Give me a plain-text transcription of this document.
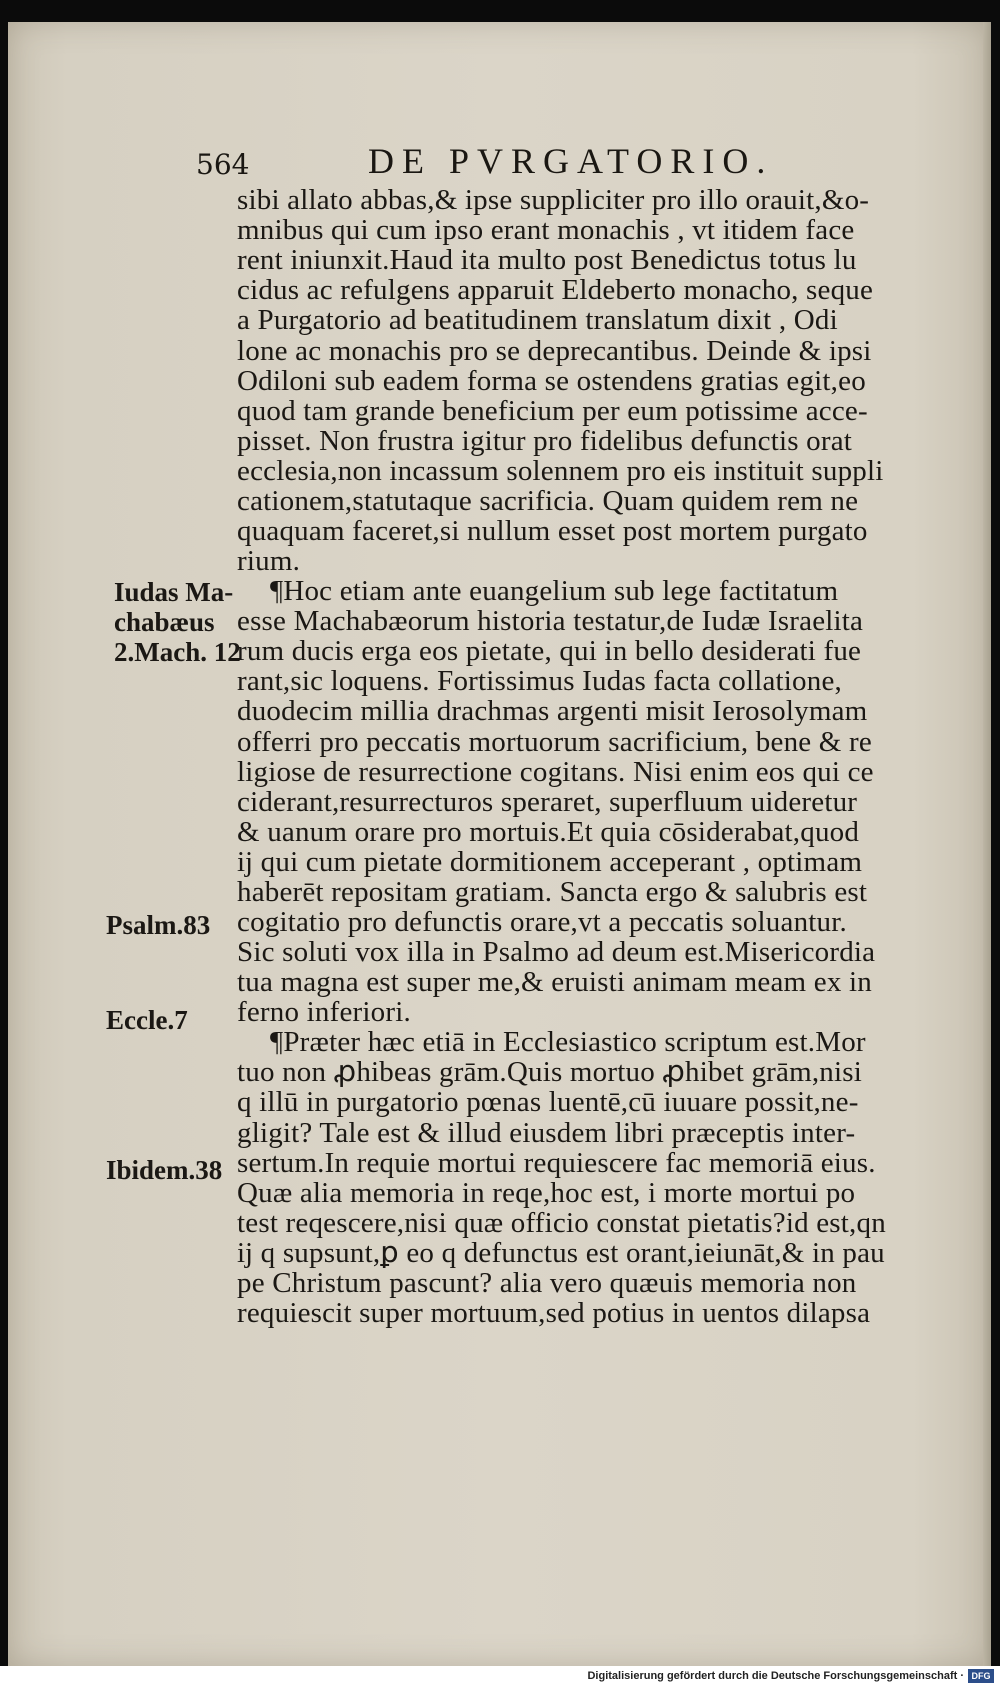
564	DE PVRGATORIO.
sibi allato abbas,& ipse suppliciter pro illo orauit,&o-
mnibus qui cum ipso erant monachis , vt itidem face
rent iniunxit.Haud ita multo post Benedictus totus lu
cidus ac refulgens apparuit Eldeberto monacho, seque
a Purgatorio ad beatitudinem translatum dixit , Odi
lone ac monachis pro se deprecantibus. Deinde & ipsi
Odiloni sub eadem forma se ostendens gratias egit,eo
quod tam grande beneficium per eum potissime acce-
pisset. Non frustra igitur pro fidelibus defunctis orat
ecclesia,non incassum solennem pro eis instituit suppli
cationem,statutaque sacrificia. Quam quidem rem ne
quaquam faceret,si nullum esset post mortem purgato
rium.
¶Hoc etiam ante euangelium sub lege factitatum
esse Machabæorum historia testatur,de Iudæ Israelita
rum ducis erga eos pietate, qui in bello desiderati fue
rant,sic loquens. Fortissimus Iudas facta collatione,
duodecim millia drachmas argenti misit Ierosolymam
offerri pro peccatis mortuorum sacrificium, bene & re
ligiose de resurrectione cogitans. Nisi enim eos qui ce
ciderant,resurrecturos speraret, superfluum uideretur
& uanum orare pro mortuis.Et quia cōsiderabat,quod
ĳ qui cum pietate dormitionem acceperant , optimam
haberēt repositam gratiam. Sancta ergo & salubris est
cogitatio pro defunctis orare,vt a peccatis soluantur.
Sic soluti vox illa in Psalmo ad deum est.Misericordia
tua magna est super me,& eruisti animam meam ex in
ferno inferiori.
¶Præter hæc etiā in Ecclesiastico scriptum est.Mor
tuo non ꝓhibeas grām.Quis mortuo ꝓhibet grām,nisi
q illū in purgatorio pœnas luentē,cū iuuare possit,ne-
gligit? Tale est & illud eiusdem libri præceptis inter-
sertum.In requie mortui requiescere fac memoriā eius.
Quæ alia memoria in reqe,hoc est, i morte mortui po
test reqescere,nisi quæ officio constat pietatis?id est,qn
ĳ q supsunt,ꝑ eo q defunctus est orant,ieiunāt,& in pau
pe Christum pascunt? alia vero quæuis memoria non
requiescit super mortuum,sed potius in uentos dilapsa
Iudas Ma-
chabæus
2.Mach. 12
Psalm.83
Eccle.7
Ibidem.38
Digitalisierung gefördert durch die Deutsche Forschungsgemeinschaft · DFG
